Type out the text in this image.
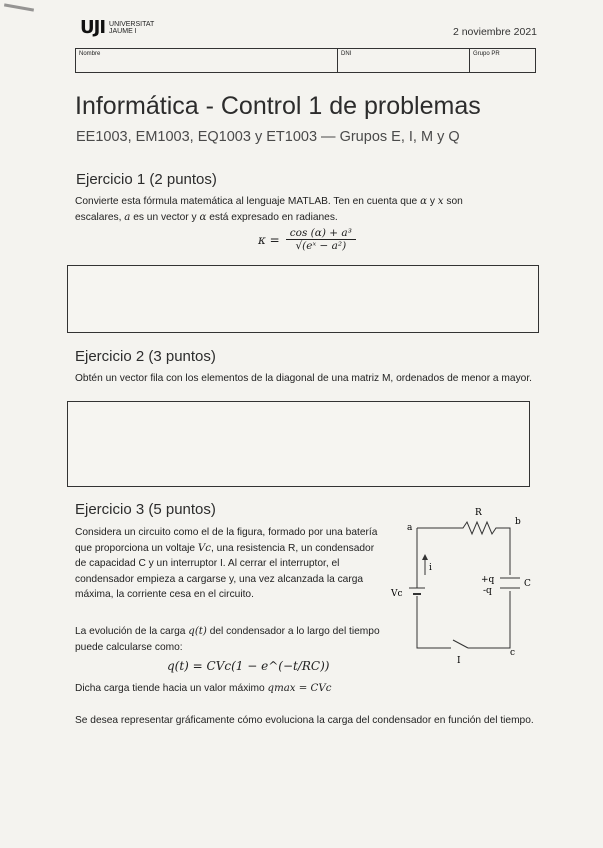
UJI UNIVERSITAT
JAUME I	2 noviembre 2021
Nombre	DNI	Grupo PR
Informática - Control 1 de problemas
EE1003, EM1003, EQ1003 y ET1003 — Grupos E, I, M y Q
Ejercicio 1 (2 puntos)
Convierte esta fórmula matemática al lenguaje MATLAB. Ten en cuenta que α y x son
escalares, a es un vector y α está expresado en radianes.
$\kappa = \frac{\text{cos (α) + a³}}{\text{√(eˣ − a²)}}$
Ejercicio 2 (3 puntos)
Obtén un vector fila con los elementos de la diagonal de una matriz M, ordenados de menor a mayor.
Ejercicio 3 (5 puntos)
Considera un circuito como el de la figura, formado por una batería que proporciona un voltaje Vc, una resistencia R, un condensador de capacidad C y un interruptor I. Al cerrar el interruptor, el condensador empieza a cargarse y, una vez alcanzada la carga máxima, la corriente cesa en el circuito.
La evolución de la carga q(t) del condensador a lo largo del tiempo puede calcularse como:
q(t) = CVc(1 − e^(−t/RC))
Dicha carga tiende hacia un valor máximo qmax = CVc
Se desea representar gráficamente cómo evoluciona la carga del condensador en función del tiempo.
R
a
b
c
C
I
i
Vc
+q
-q
